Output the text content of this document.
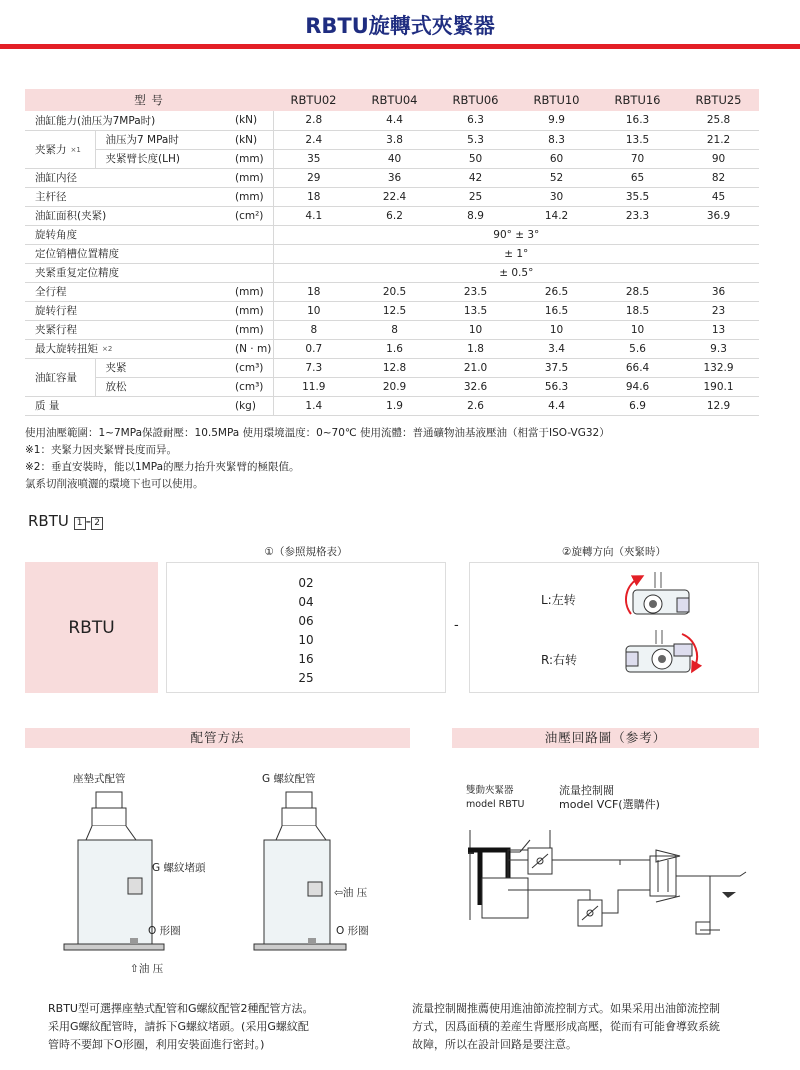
RBTU旋轉式夾緊器
型 号			RBTU02	RBTU04	RBTU06	RBTU10	RBTU16	RBTU25
油缸能力(油压为7MPa时)		(kN)	2.8	4.4	6.3	9.9	16.3	25.8
夹紧力 ×1	油压为7 MPa时	(kN)	2.4	3.8	5.3	8.3	13.5	21.2
	夹紧臂长度(LH)	(mm)	35	40	50	60	70	90
油缸内径		(mm)	29	36	42	52	65	82
主杆径		(mm)	18	22.4	25	30	35.5	45
油缸面积(夹紧)		(cm²)	4.1	6.2	8.9	14.2	23.3	36.9
旋转角度			90° ± 3°					
定位销槽位置精度			± 1°					
夹紧重复定位精度			± 0.5°					
全行程		(mm)	18	20.5	23.5	26.5	28.5	36
旋转行程		(mm)	10	12.5	13.5	16.5	18.5	23
夹紧行程		(mm)	8	8	10	10	10	13
最大旋转扭矩 ×2		(N · m)	0.7	1.6	1.8	3.4	5.6	9.3
油缸容量	夹紧	(cm³)	7.3	12.8	21.0	37.5	66.4	132.9
	放松	(cm³)	11.9	20.9	32.6	56.3	94.6	190.1
质 量		(kg)	1.4	1.9	2.6	4.4	6.9	12.9
使用油壓範圍：1~7MPa保證耐壓：10.5MPa 使用環境溫度：0~70℃ 使用流體：普通礦物油基液壓油（相當于ISO-VG32）
※1：夹緊力因夹緊臂長度而异。
※2：垂直安裝時，能以1MPa的壓力抬升夾緊臂的極限值。
氯系切削液噴灑的環境下也可以使用。
RBTU 1 - 2
①（参照規格表）	②旋轉方向（夾緊時）
RBTU
02
04
06
10
16
25
-
L:左转
R:右转
配管方法	油壓回路圖（参考）
座墊式配管	G 螺紋配管
G 螺紋堵頭
O 形圈
⇧油 压
⇦油 压
O 形圈
RBTU型可選擇座墊式配管和G螺紋配管2種配管方法。
采用G螺紋配管時，請拆下G螺紋堵頭。(采用G螺紋配
管時不要卸下O形圈，利用安裝面進行密封。)
雙動夾緊器
model RBTU
流量控制閥
model VCF(選購件)
流量控制閥推薦使用進油節流控制方式。如果采用出油節流控制
方式，因爲面積的差産生背壓形成高壓，從而有可能會導致系統
故障，所以在設計回路是要注意。
